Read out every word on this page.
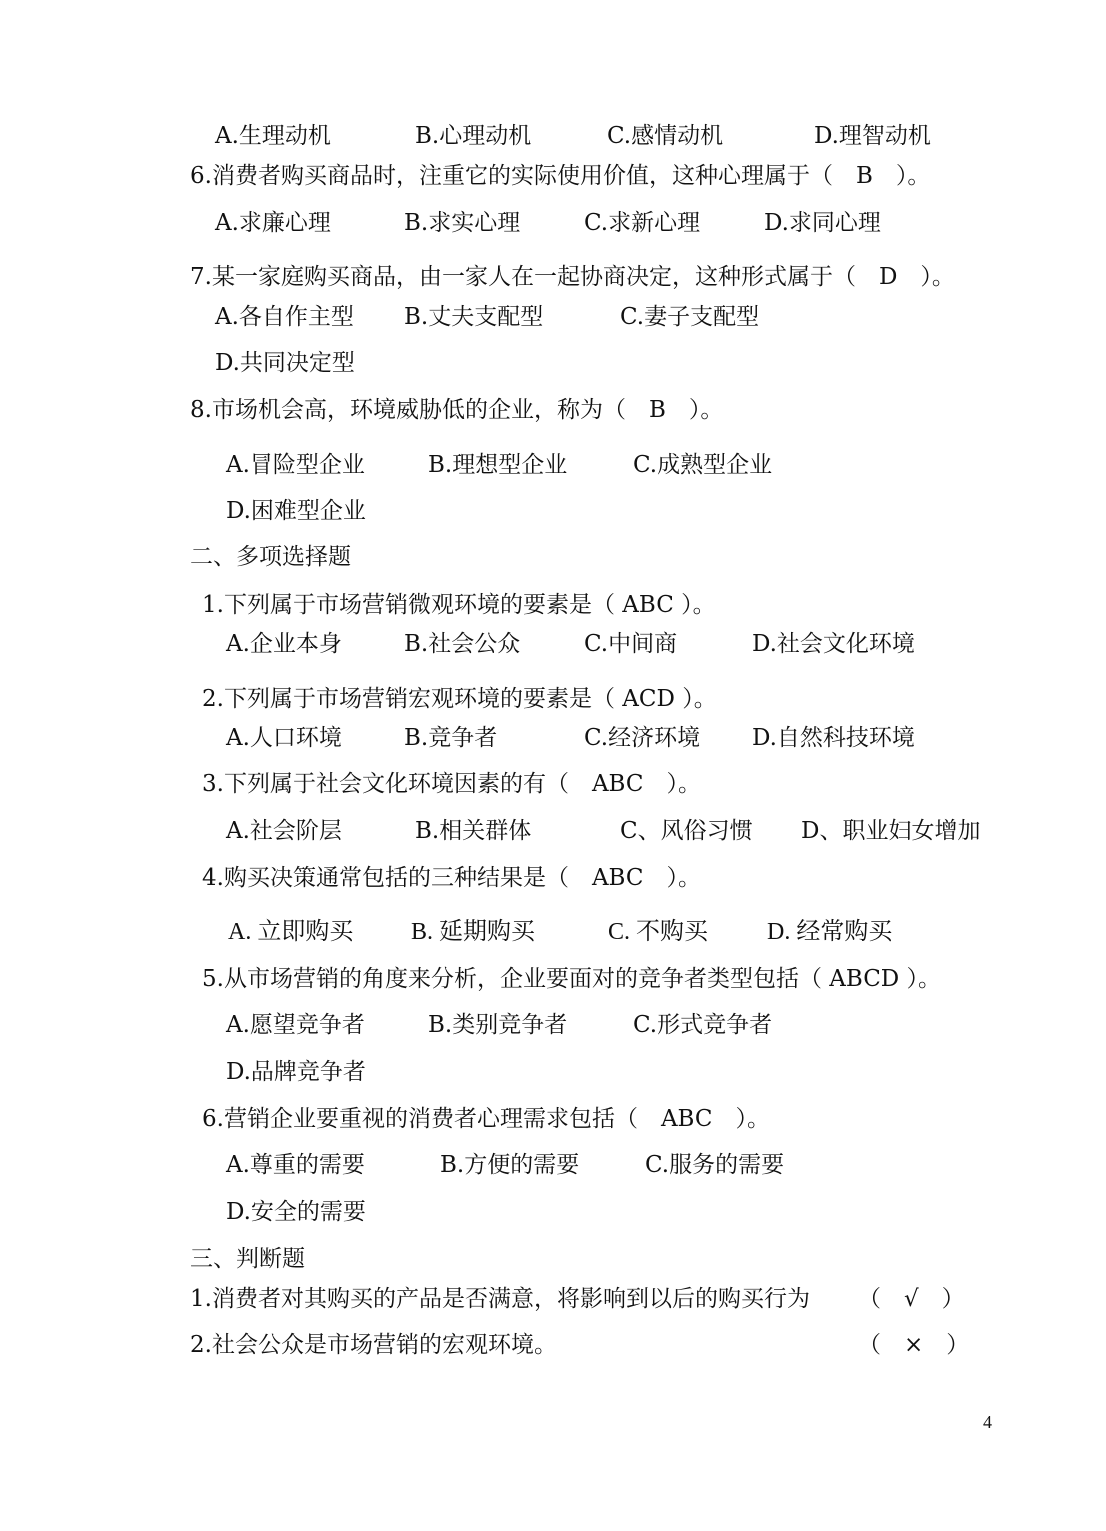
A.生理动机	B.心理动机	C.感情动机	D.理智动机
6.消费者购买商品时，注重它的实际使用价值，这种心理属于（　B　）。
A.求廉心理	B.求实心理	C.求新心理	D.求同心理
7.某一家庭购买商品，由一家人在一起协商决定，这种形式属于（　D　）。
A.各自作主型 B.丈夫支配型	C.妻子支配型
D.共同决定型
8.市场机会高，环境威胁低的企业，称为（　B　）。
A.冒险型企业	B.理想型企业	C.成熟型企业
D.困难型企业
二、多项选择题
1.下列属于市场营销微观环境的要素是（ ABC ）。
A.企业本身	B.社会公众	C.中间商	D.社会文化环境
2.下列属于市场营销宏观环境的要素是（ ACD ）。
A.人口环境	B.竞争者	C.经济环境 D.自然科技环境
3.下列属于社会文化环境因素的有（　ABC　）。
A.社会阶层	B.相关群体	C、风俗习惯 D、职业妇女增加
4.购买决策通常包括的三种结果是（　ABC　）。
A. 立即购买 B. 延期购买	C. 不购买 D. 经常购买
5.从市场营销的角度来分析，企业要面对的竞争者类型包括（ ABCD ）。
A.愿望竞争者	B.类别竞争者	C.形式竞争者
D.品牌竞争者
6.营销企业要重视的消费者心理需求包括（　ABC　）。
A.尊重的需要	B.方便的需要	C.服务的需要
D.安全的需要
三、判断题
1.消费者对其购买的产品是否满意，将影响到以后的购买行为 （　√　）
2.社会公众是市场营销的宏观环境。	（　×　）
4
